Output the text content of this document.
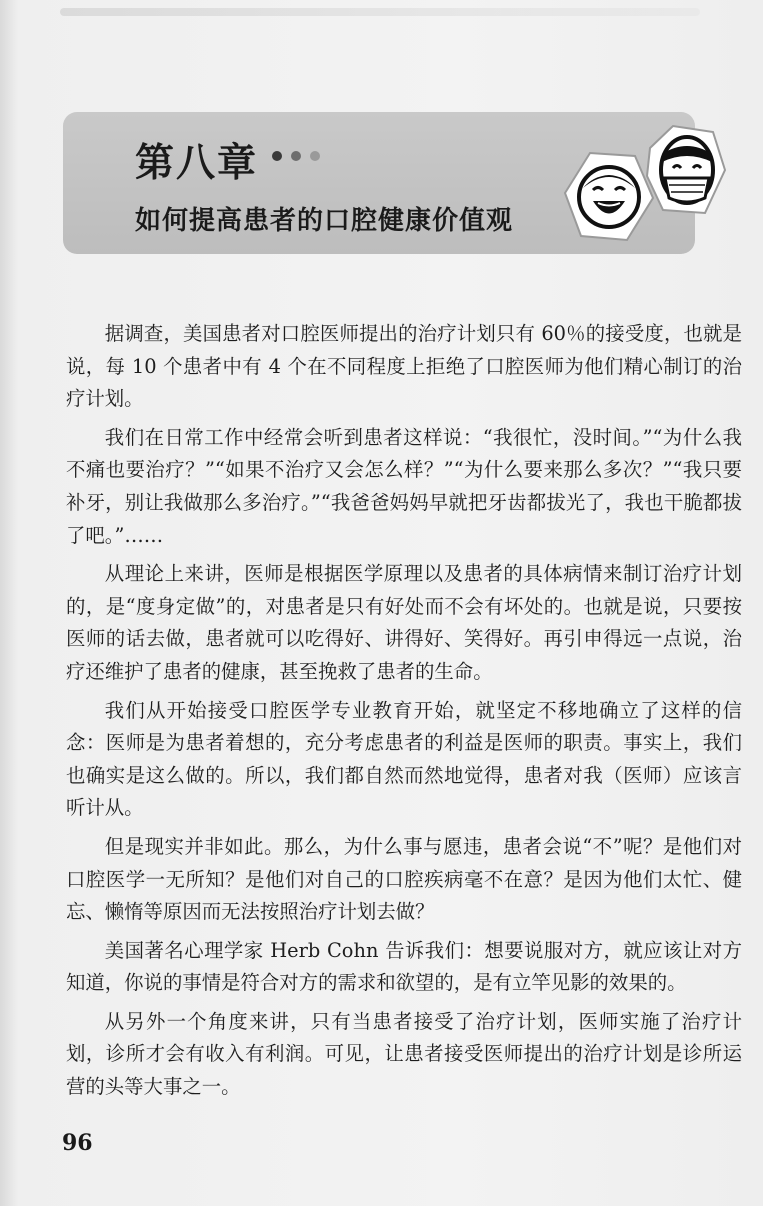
第八章
如何提高患者的口腔健康价值观

据调查，美国患者对口腔医师提出的治疗计划只有 60％的接受度，也就是说，每 10 个患者中有 4 个在不同程度上拒绝了口腔医师为他们精心制订的治疗计划。

我们在日常工作中经常会听到患者这样说：“我很忙，没时间。”“为什么我不痛也要治疗？”“如果不治疗又会怎么样？”“为什么要来那么多次？”“我只要补牙，别让我做那么多治疗。”“我爸爸妈妈早就把牙齿都拔光了，我也干脆都拔了吧。”……

从理论上来讲，医师是根据医学原理以及患者的具体病情来制订治疗计划的，是“度身定做”的，对患者是只有好处而不会有坏处的。也就是说，只要按医师的话去做，患者就可以吃得好、讲得好、笑得好。再引申得远一点说，治疗还维护了患者的健康，甚至挽救了患者的生命。

我们从开始接受口腔医学专业教育开始，就坚定不移地确立了这样的信念：医师是为患者着想的，充分考虑患者的利益是医师的职责。事实上，我们也确实是这么做的。所以，我们都自然而然地觉得，患者对我（医师）应该言听计从。

但是现实并非如此。那么，为什么事与愿违，患者会说“不”呢？是他们对口腔医学一无所知？是他们对自己的口腔疾病毫不在意？是因为他们太忙、健忘、懒惰等原因而无法按照治疗计划去做？

美国著名心理学家 Herb Cohn 告诉我们：想要说服对方，就应该让对方知道，你说的事情是符合对方的需求和欲望的，是有立竿见影的效果的。

从另外一个角度来讲，只有当患者接受了治疗计划，医师实施了治疗计划，诊所才会有收入有利润。可见，让患者接受医师提出的治疗计划是诊所运营的头等大事之一。

96
